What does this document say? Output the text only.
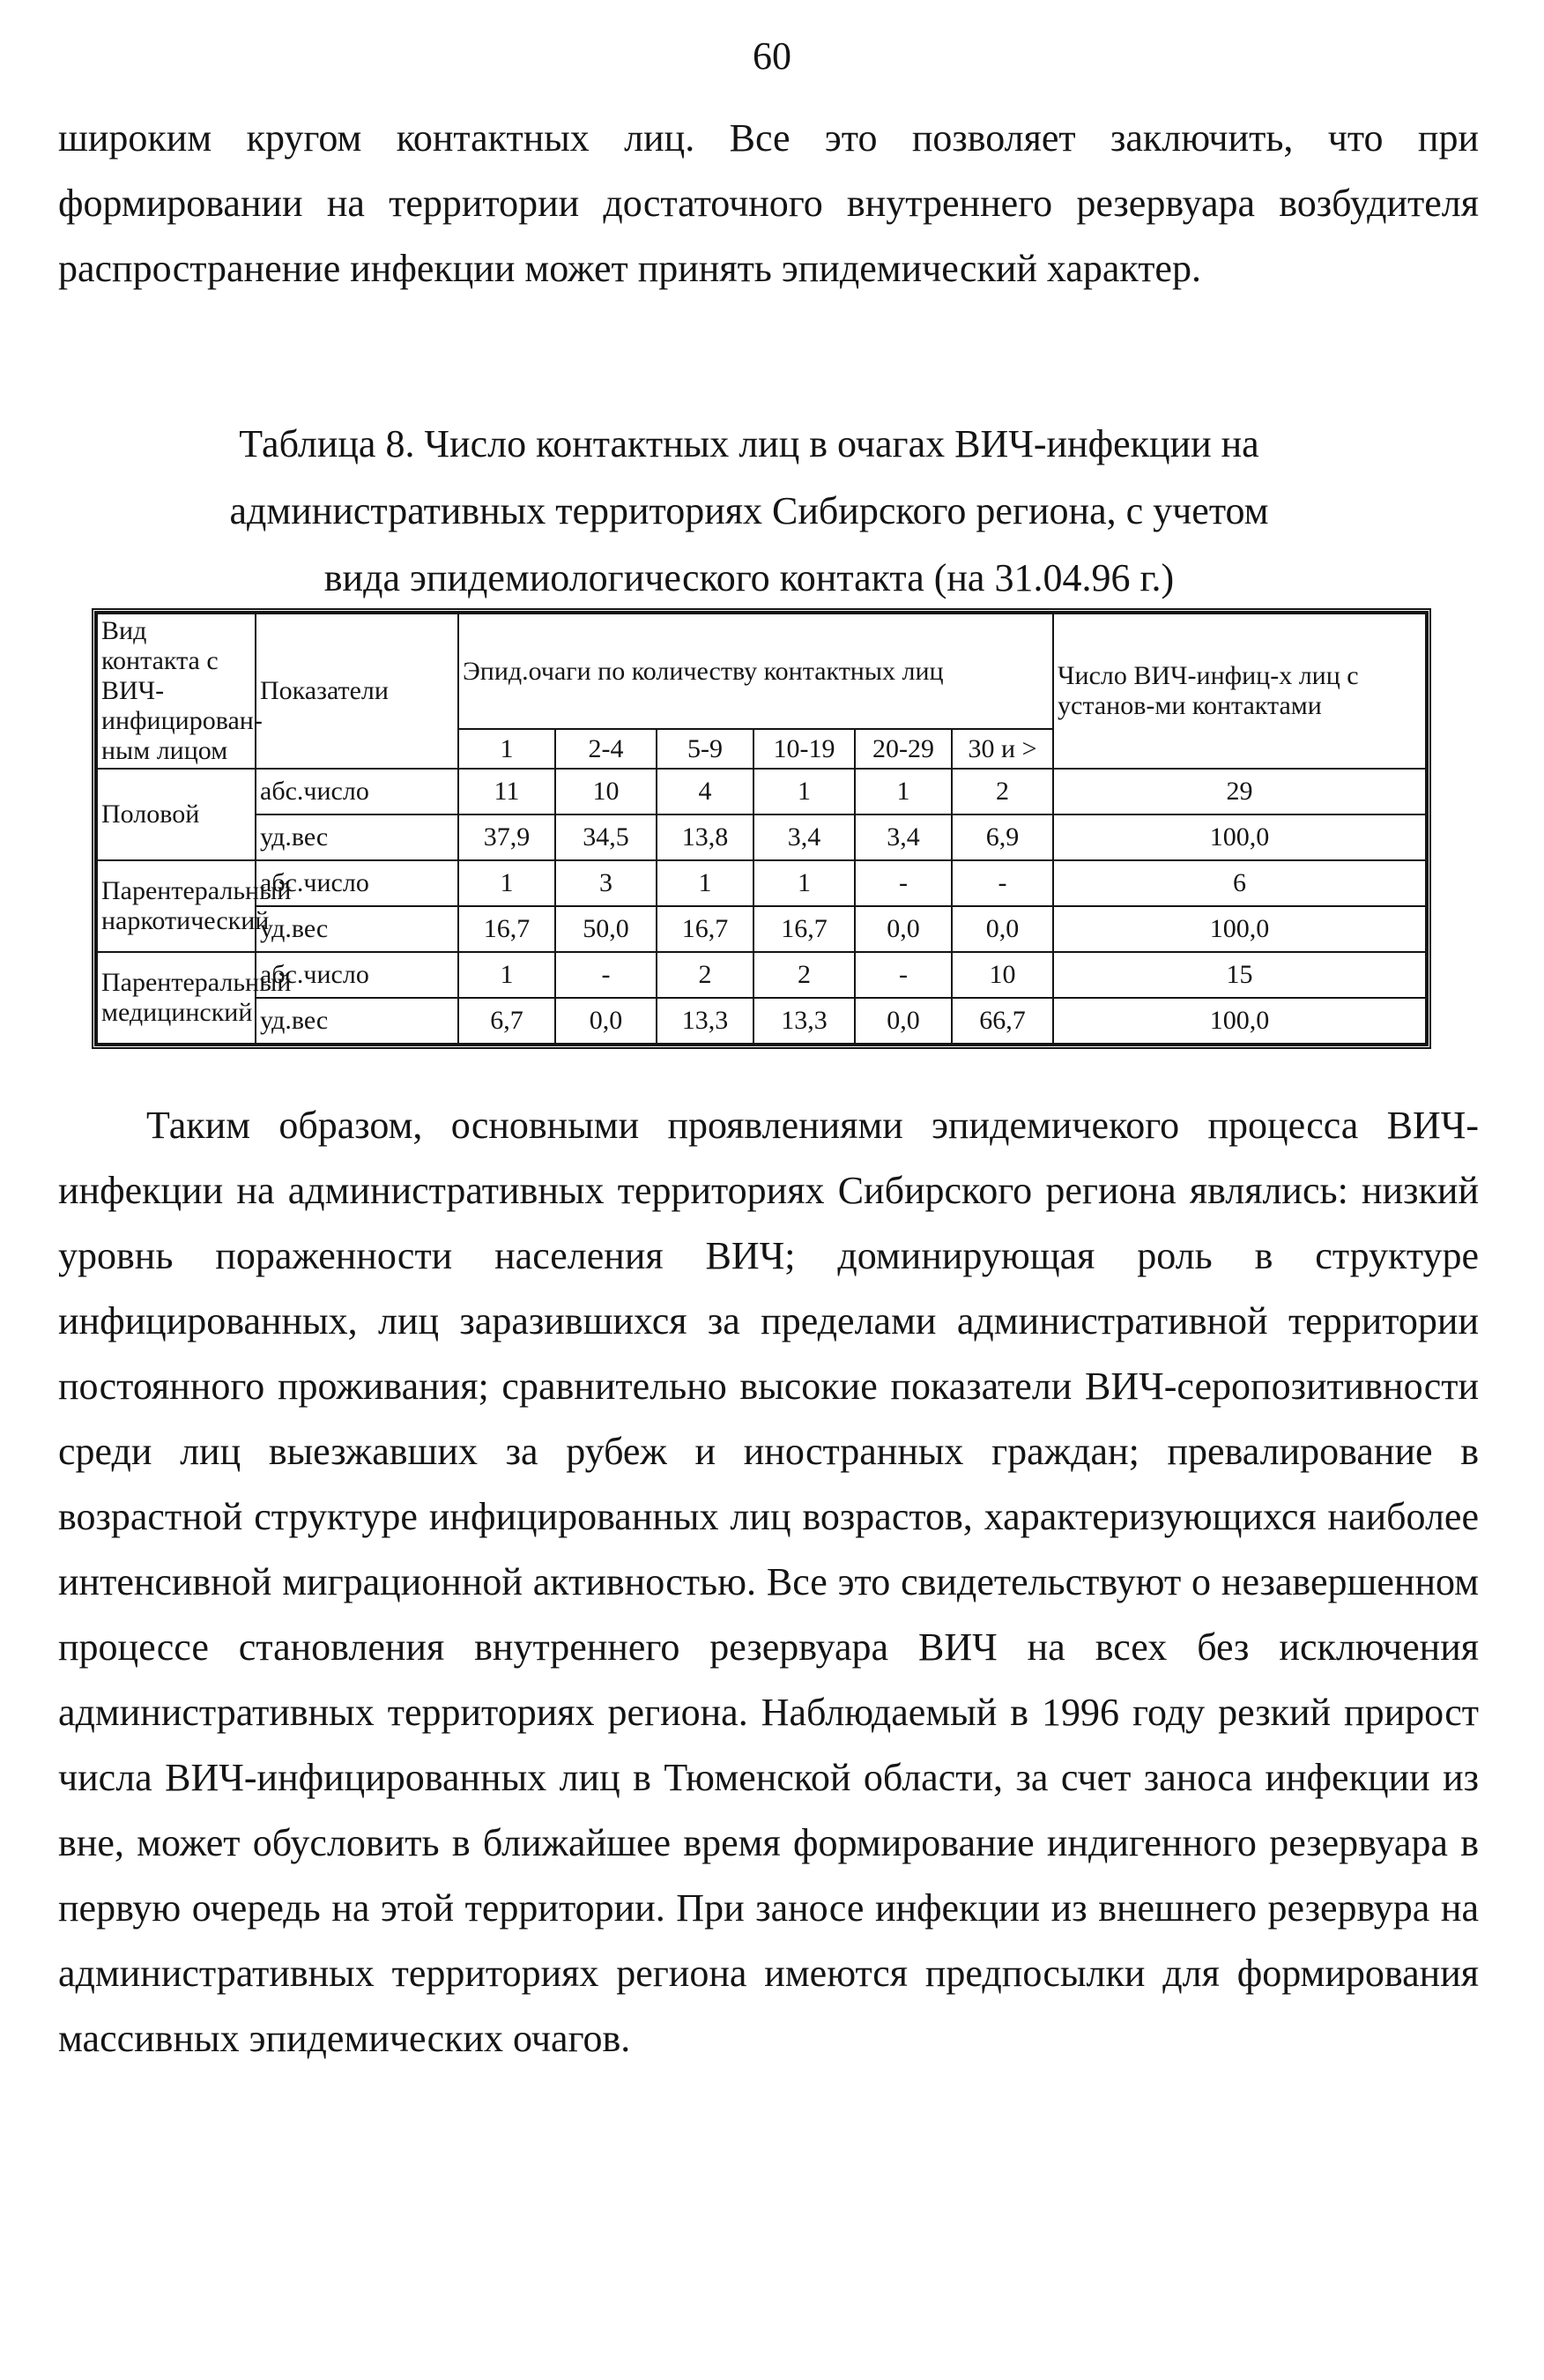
60

широким кругом контактных лиц. Все это позволяет заключить, что при формировании на территории достаточного внутреннего резервуара возбудителя распространение инфекции может принять эпидемический характер.

Таблица 8. Число контактных лиц в очагах ВИЧ-инфекции на
административных территориях Сибирского региона, с учетом
вида эпидемиологического контакта (на 31.04.96 г.)
Вид контакта с ВИЧ-инфицирован-ным лицом	Показатели	Эпид.очаги по количеству контактных лиц						Число ВИЧ-инфиц-х лиц с установ-ми контактами
		1	2-4	5-9	10-19	20-29	30 и >	
Половой	абс.число	11	10	4	1	1	2	29
	уд.вес	37,9	34,5	13,8	3,4	3,4	6,9	100,0
Парентеральный наркотический	абс.число	1	3	1	1	-	-	6
	уд.вес	16,7	50,0	16,7	16,7	0,0	0,0	100,0
Парентеральный медицинский	абс.число	1	-	2	2	-	10	15
	уд.вес	6,7	0,0	13,3	13,3	0,0	66,7	100,0

Таким образом, основными проявлениями эпидемичекого процесса ВИЧ-инфекции на административных территориях Сибирского региона являлись: низкий уровнь пораженности населения ВИЧ; доминирующая роль в структуре инфицированных, лиц заразившихся за пределами административной территории постоянного проживания; сравнительно высокие показатели ВИЧ-серопозитивности среди лиц выезжавших за рубеж и иностранных граждан; превалирование в возрастной структуре инфицированных лиц возрастов, характеризующихся наиболее интенсивной миграционной активностью. Все это свидетельствуют о незавершенном процессе становления внутреннего резервуара ВИЧ на всех без исключения административных территориях региона. Наблюдаемый в 1996 году резкий прирост числа ВИЧ-инфицированных лиц в Тюменской области, за счет заноса инфекции из вне, может обусловить в ближайшее время формирование индигенного резервуара в первую очередь на этой территории. При заносе инфекции из внешнего резервура на административных территориях региона имеются предпосылки для формирования массивных эпидемических очагов.
